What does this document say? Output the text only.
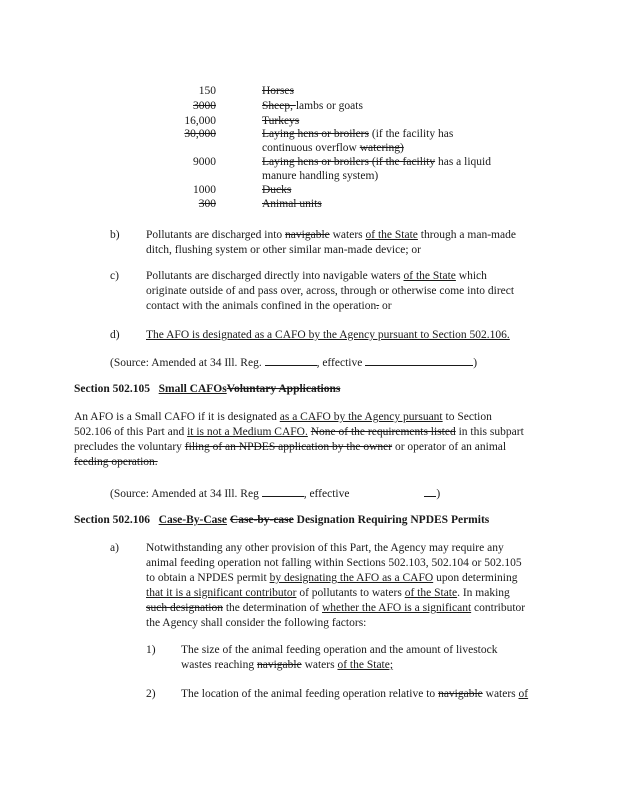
150	Horses
3000	Sheep, lambs or goats
16,000	Turkeys
30,000	Laying hens or broilers (if the facility has
continuous overflow watering)
9000	Laying hens or broilers (if the facility has a liquid
manure handling system)
1000	Ducks
300	Animal units
b) Pollutants are discharged into navigable waters of the State through a man-made
ditch, flushing system or other similar man-made device; or
c) Pollutants are discharged directly into navigable waters of the State which
originate outside of and pass over, across, through or otherwise come into direct
contact with the animals confined in the operation. or
d) The AFO is designated as a CAFO by the Agency pursuant to Section 502.106.
(Source: Amended at 34 Ill. Reg.	, effective	)
Section 502.105 Small CAFOsVoluntary Applications
An AFO is a Small CAFO if it is designated as a CAFO by the Agency pursuant to Section
502.106 of this Part and it is not a Medium CAFO. None of the requirements listed in this subpart
precludes the voluntary filing of an NPDES application by the owner or operator of an animal
feeding operation.
(Source: Amended at 34 Ill. Reg	, effective	)
Section 502.106 Case-By-Case Case-by-case Designation Requiring NPDES Permits
a) Notwithstanding any other provision of this Part, the Agency may require any
animal feeding operation not falling within Sections 502.103, 502.104 or 502.105
to obtain a NPDES permit by designating the AFO as a CAFO upon determining
that it is a significant contributor of pollutants to waters of the State. In making
such designation the determination of whether the AFO is a significant contributor
the Agency shall consider the following factors:
1) The size of the animal feeding operation and the amount of livestock
wastes reaching navigable waters of the State;
2) The location of the animal feeding operation relative to navigable waters of
